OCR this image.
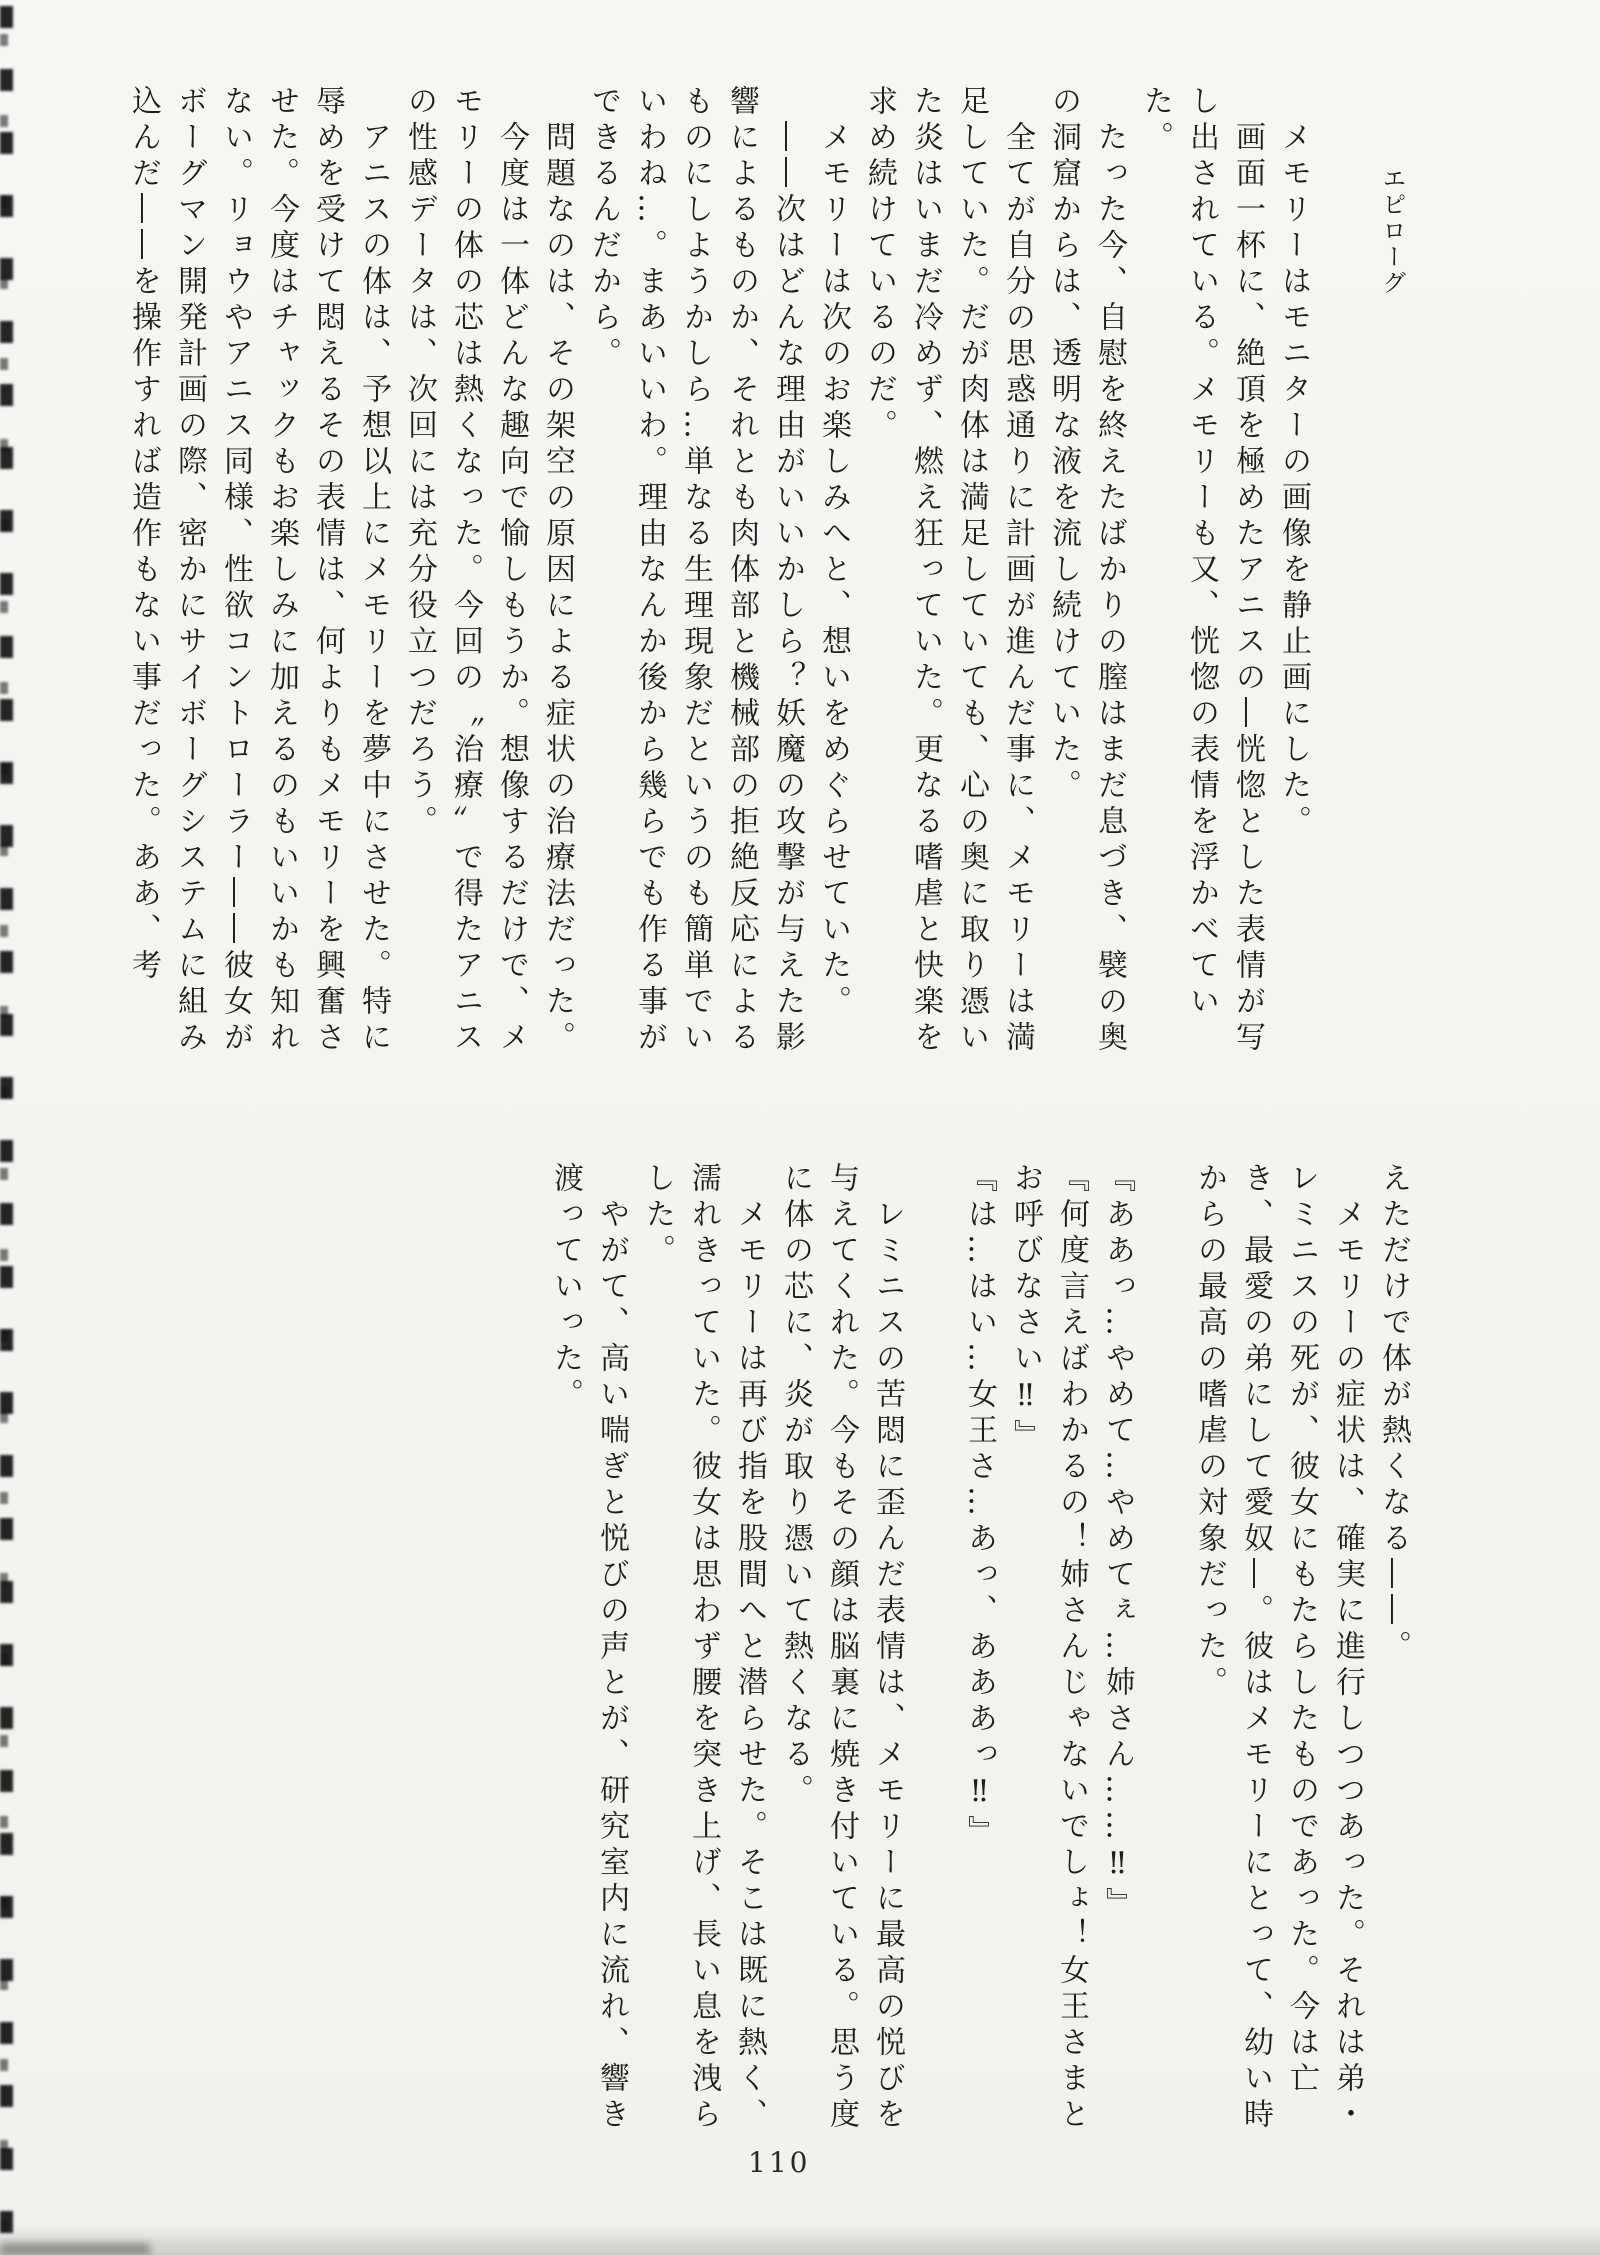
エピローグ

メモリーはモニターの画像を静止画にした。

画面一杯に、絶頂を極めたアニスの―恍惚とした表情が写し出されている。メモリーも又、恍惚の表情を浮かべていた。

たった今、自慰を終えたばかりの膣はまだ息づき、襞の奥の洞窟からは、透明な液を流し続けていた。

全てが自分の思惑通りに計画が進んだ事に、メモリーは満足していた。だが肉体は満足していても、心の奥に取り憑いた炎はいまだ冷めず、燃え狂っていた。更なる嗜虐と快楽を求め続けているのだ。

メモリーは次のお楽しみへと、想いをめぐらせていた。

――次はどんな理由がいいかしら？妖魔の攻撃が与えた影響によるものか、それとも肉体部と機械部の拒絶反応によるものにしようかしら…単なる生理現象だというのも簡単でいいわね…。まあいいわ。理由なんか後から幾らでも作る事ができるんだから。

問題なのは、その架空の原因による症状の治療法だった。

今度は一体どんな趣向で愉しもうか。想像するだけで、メモリーの体の芯は熱くなった。今回の〝治療〟で得たアニスの性感データは、次回には充分役立つだろう。

アニスの体は、予想以上にメモリーを夢中にさせた。特に辱めを受けて悶えるその表情は、何よりもメモリーを興奮させた。今度はチャックもお楽しみに加えるのもいいかも知れない。リョウやアニス同様、性欲コントローラー――彼女がボーグマン開発計画の際、密かにサイボーグシステムに組み込んだ――を操作すれば造作もない事だった。ああ、考

えただけで体が熱くなる――。

メモリーの症状は、確実に進行しつつあった。それは弟・レミニスの死が、彼女にもたらしたものであった。今は亡き、最愛の弟にして愛奴―。彼はメモリーにとって、幼い時からの最高の嗜虐の対象だった。

『ああっ…やめて…やめてぇ…姉さん……‼』

『何度言えばわかるの！姉さんじゃないでしょ！女王さまとお呼びなさい‼』

『は…はい…女王さ…あっ、あああっ‼』

レミニスの苦悶に歪んだ表情は、メモリーに最高の悦びを与えてくれた。今もその顔は脳裏に焼き付いている。思う度に体の芯に、炎が取り憑いて熱くなる。

メモリーは再び指を股間へと潜らせた。そこは既に熱く、濡れきっていた。彼女は思わず腰を突き上げ、長い息を洩らした。

やがて、高い喘ぎと悦びの声とが、研究室内に流れ、響き渡っていった。

110
